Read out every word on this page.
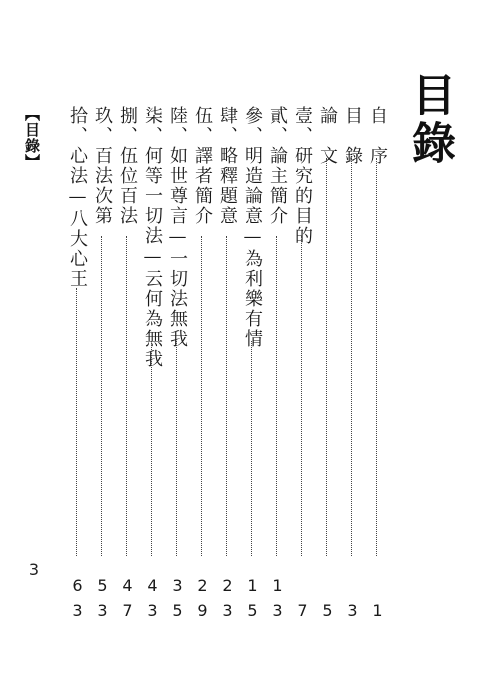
目錄
【目錄】
3
自　序
1
目　錄
3
論　文
5
壹、研究的目的
7
貳、論主簡介
13
參、明造論意—為利樂有情
15
肆、略釋題意
23
伍、譯者簡介
29
陸、如世尊言—一切法無我
35
柒、何等一切法—云何為無我
43
捌、伍位百法
47
玖、百法次第
53
拾、心法—八大心王
63
